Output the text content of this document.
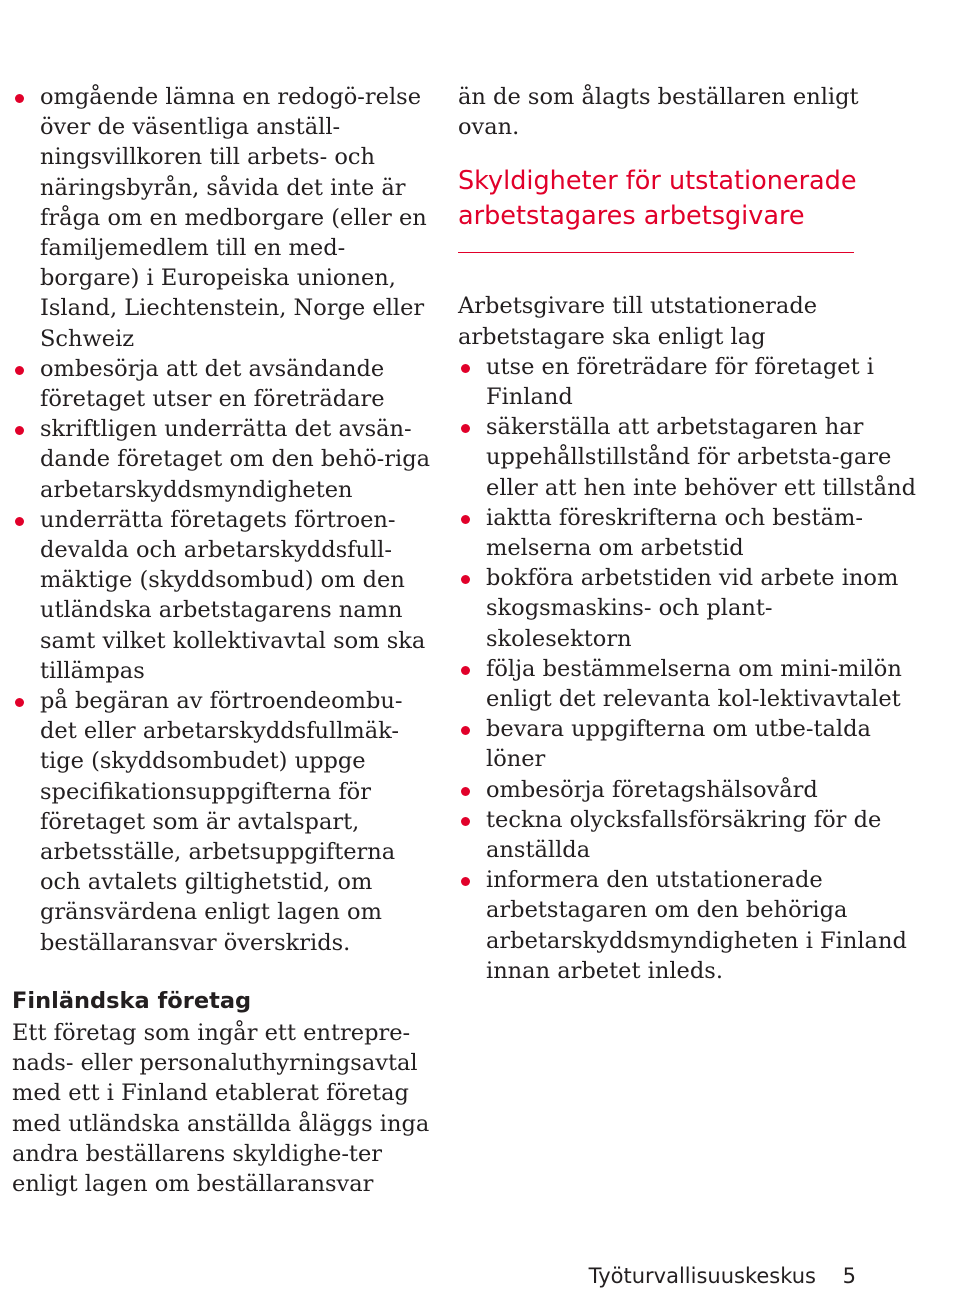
omgående lämna en redogö-relse över de väsentliga anställ-ningsvillkoren till arbets- och näringsbyrån, såvida det inte är fråga om en medborgare (eller en familjemedlem till en med-borgare) i Europeiska unionen, Island, Liechtenstein, Norge eller Schweiz
ombesörja att det avsändande företaget utser en företrädare
skriftligen underrätta det avsän-dande företaget om den behö-riga arbetarskyddsmyndigheten
underrätta företagets förtroen-devalda och arbetarskyddsfull-mäktige (skyddsombud) om den utländska arbetstagarens namn samt vilket kollektivavtal som ska tillämpas
på begäran av förtroendeombu-det eller arbetarskyddsfullmäk-tige (skyddsombudet) uppge specifikationsuppgifterna för företaget som är avtalspart, arbetsställe, arbetsuppgifterna och avtalets giltighetstid, om gränsvärdena enligt lagen om beställaransvar överskrids.
Finländska företag

Ett företag som ingår ett entrepre-nads- eller personaluthyrningsavtal med ett i Finland etablerat företag med utländska anställda åläggs inga andra beställarens skyldighe-ter enligt lagen om beställaransvar

än de som ålagts beställaren enligt ovan.

Skyldigheter för utstationerade arbetstagares arbetsgivare

Arbetsgivare till utstationerade arbetstagare ska enligt lag

utse en företrädare för företaget i Finland
säkerställa att arbetstagaren har uppehållstillstånd för arbetsta-gare eller att hen inte behöver ett tillstånd
iaktta föreskrifterna och bestäm-melserna om arbetstid
bokföra arbetstiden vid arbete inom skogsmaskins- och plant-skolesektorn
följa bestämmelserna om mini-milön enligt det relevanta kol-lektivavtalet
bevara uppgifterna om utbe-talda löner
ombesörja företagshälsovård
teckna olycksfallsförsäkring för de anställda
informera den utstationerade arbetstagaren om den behöriga arbetarskyddsmyndigheten i Finland innan arbetet inleds.
Työturvallisuuskeskus 5
